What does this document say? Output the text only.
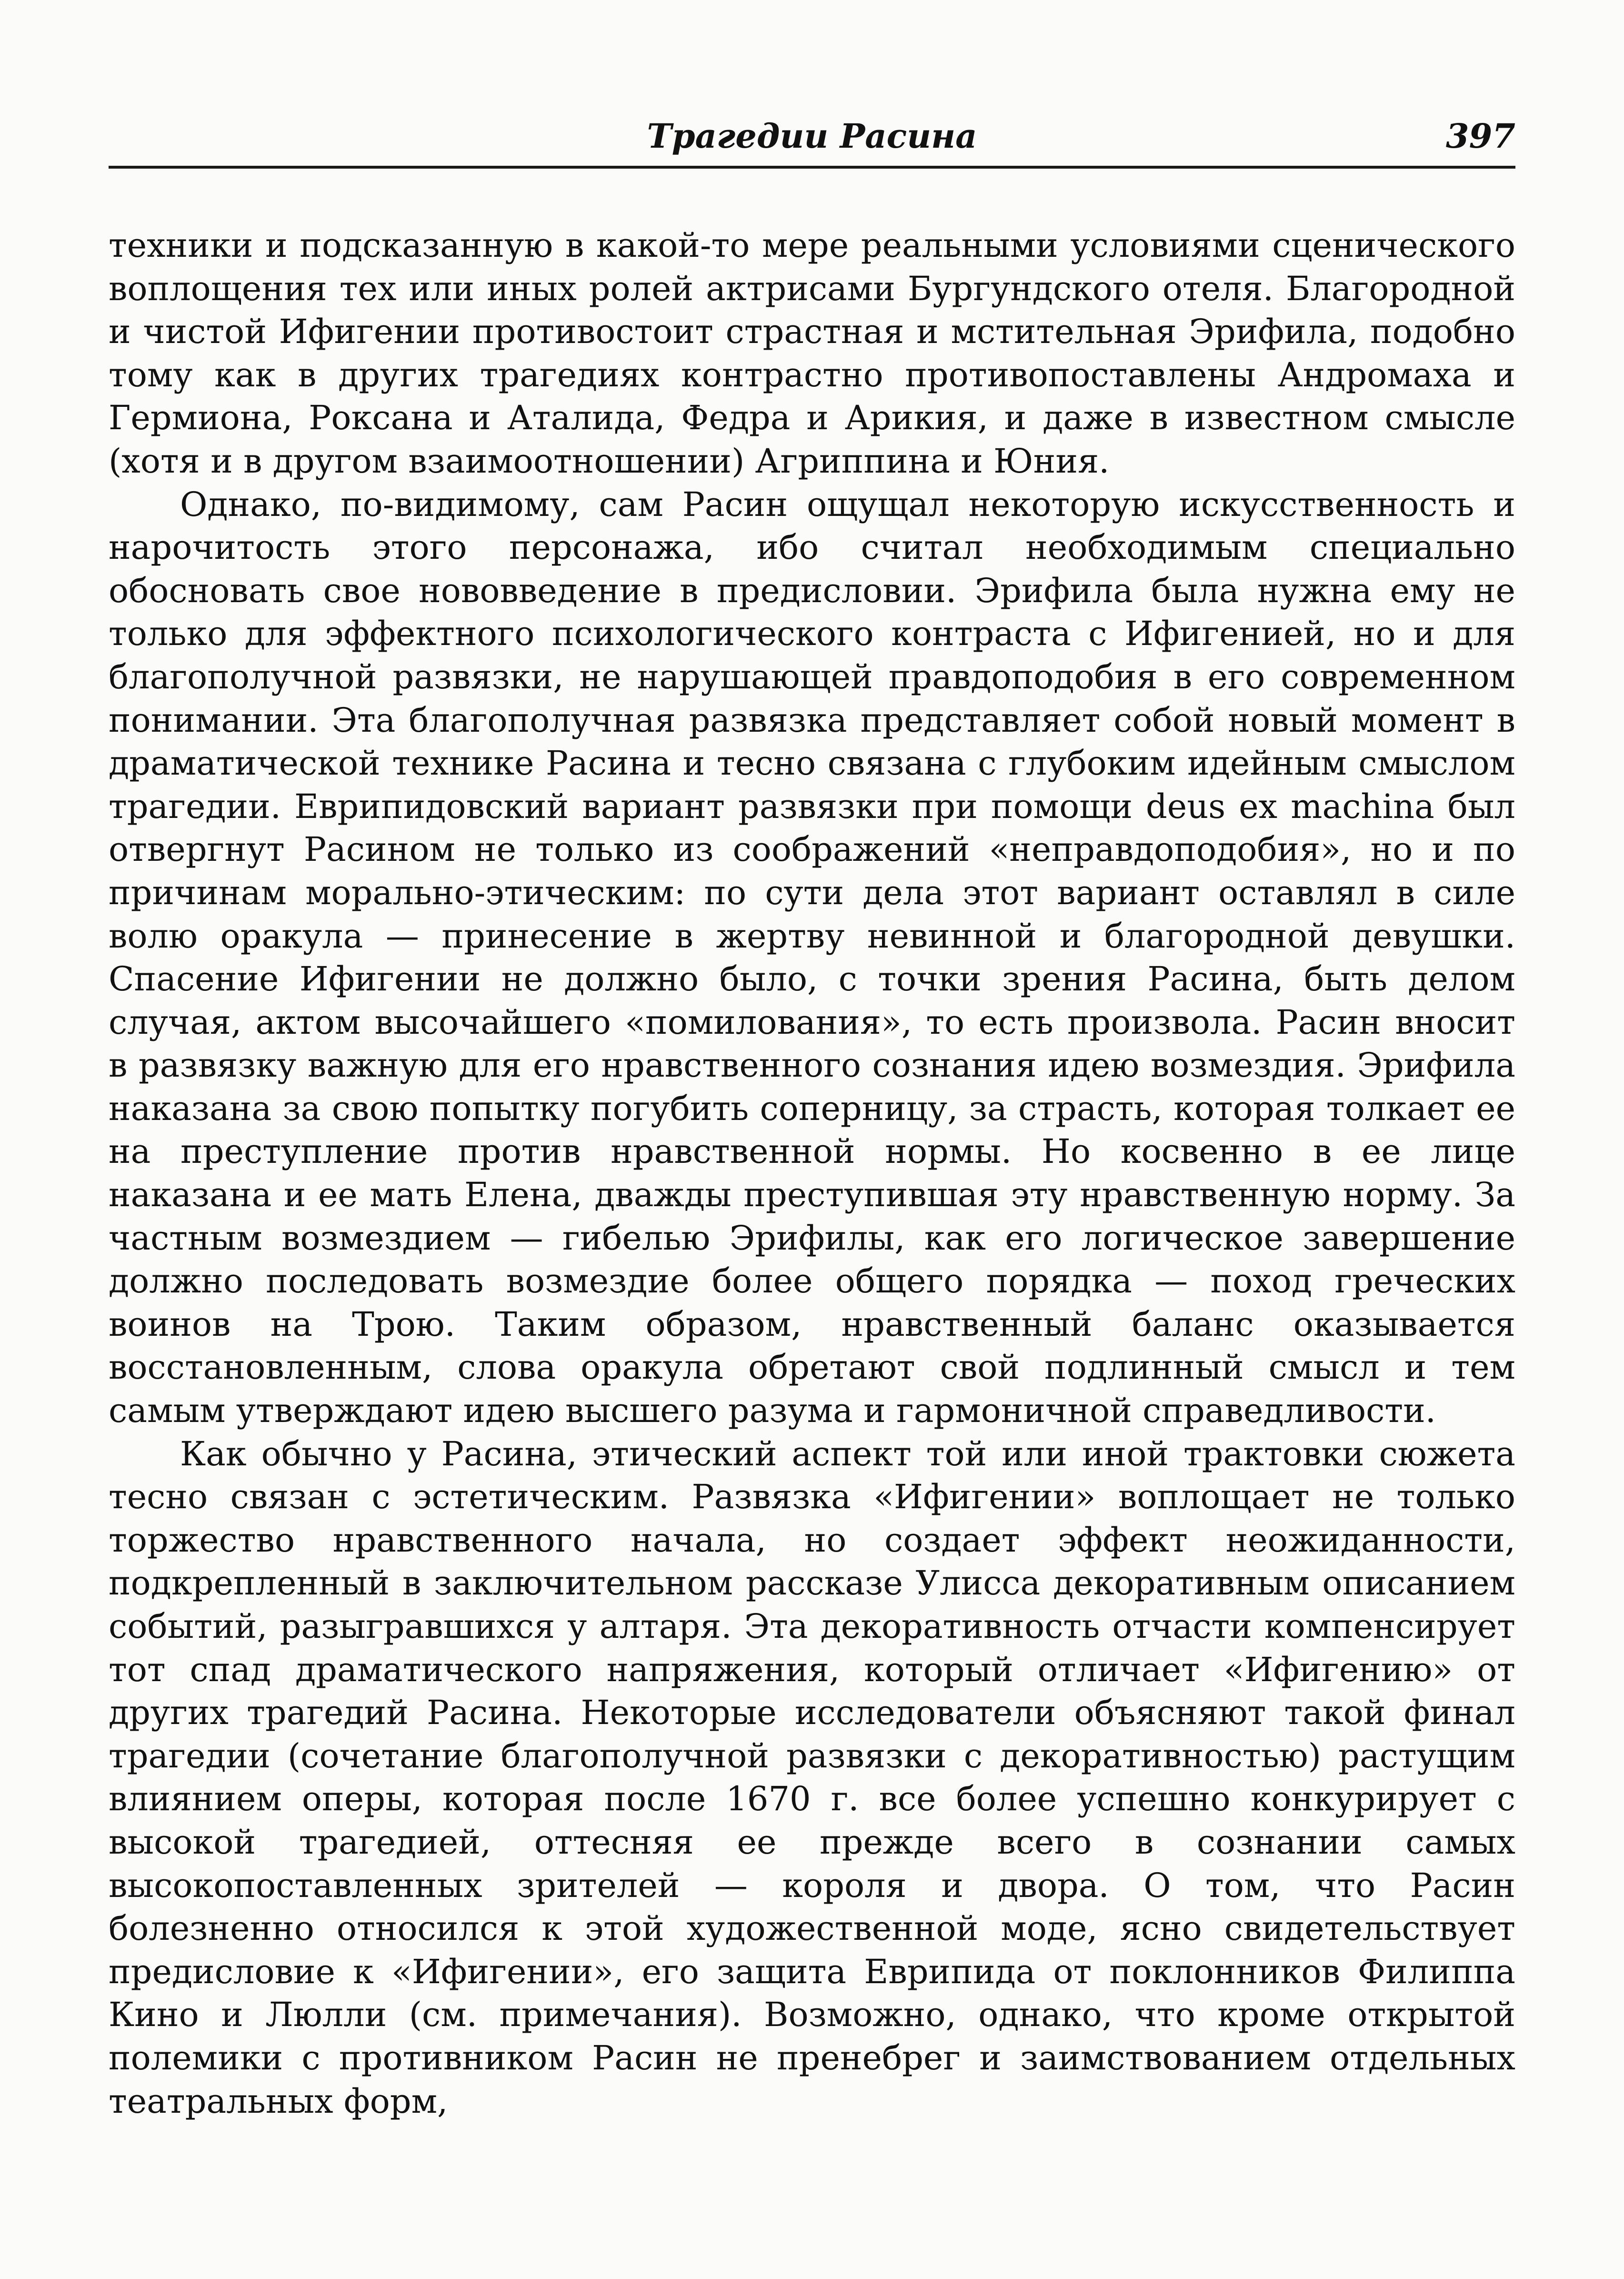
Трагедии Расина	397

техники и подсказанную в какой-то мере реальными условиями сценического воплощения тех или иных ролей актрисами Бургундского отеля. Благородной и чистой Ифигении противостоит страстная и мстительная Эрифила, подобно тому как в других трагедиях контрастно противопоставлены Андромаха и Гермиона, Роксана и Аталида, Федра и Арикия, и даже в известном смысле (хотя и в другом взаимоотношении) Агриппина и Юния.

Однако, по-видимому, сам Расин ощущал некоторую искусственность и нарочитость этого персонажа, ибо считал необходимым специально обосновать свое нововведение в предисловии. Эрифила была нужна ему не только для эффектного психологического контраста с Ифигенией, но и для благополучной развязки, не нарушающей правдоподобия в его современном понимании. Эта благополучная развязка представляет собой новый момент в драматической технике Расина и тесно связана с глубоким идейным смыслом трагедии. Еврипидовский вариант развязки при помощи deus ex machina был отвергнут Расином не только из соображений «неправдоподобия», но и по причинам морально-этическим: по сути дела этот вариант оставлял в силе волю оракула — принесение в жертву невинной и благородной девушки. Спасение Ифигении не должно было, с точки зрения Расина, быть делом случая, актом высочайшего «помилования», то есть произвола. Расин вносит в развязку важную для его нравственного сознания идею возмездия. Эрифила наказана за свою попытку погубить соперницу, за страсть, которая толкает ее на преступление против нравственной нормы. Но косвенно в ее лице наказана и ее мать Елена, дважды преступившая эту нравственную норму. За частным возмездием — гибелью Эрифилы, как его логическое завершение должно последовать возмездие более общего порядка — поход греческих воинов на Трою. Таким образом, нравственный баланс оказывается восстановленным, слова оракула обретают свой подлинный смысл и тем самым утверждают идею высшего разума и гармоничной справедливости.

Как обычно у Расина, этический аспект той или иной трактовки сюжета тесно связан с эстетическим. Развязка «Ифигении» воплощает не только торжество нравственного начала, но создает эффект неожиданности, подкрепленный в заключительном рассказе Улисса декоративным описанием событий, разыгравшихся у алтаря. Эта декоративность отчасти компенсирует тот спад драматического напряжения, который отличает «Ифигению» от других трагедий Расина. Некоторые исследователи объясняют такой финал трагедии (сочетание благополучной развязки с декоративностью) растущим влиянием оперы, которая после 1670 г. все более успешно конкурирует с высокой трагедией, оттесняя ее прежде всего в сознании самых высокопоставленных зрителей — короля и двора. О том, что Расин болезненно относился к этой художественной моде, ясно свидетельствует предисловие к «Ифигении», его защита Еврипида от поклонников Филиппа Кино и Люлли (см. примечания). Возможно, однако, что кроме открытой полемики с противником Расин не пренебрег и заимствованием отдельных театральных форм,
